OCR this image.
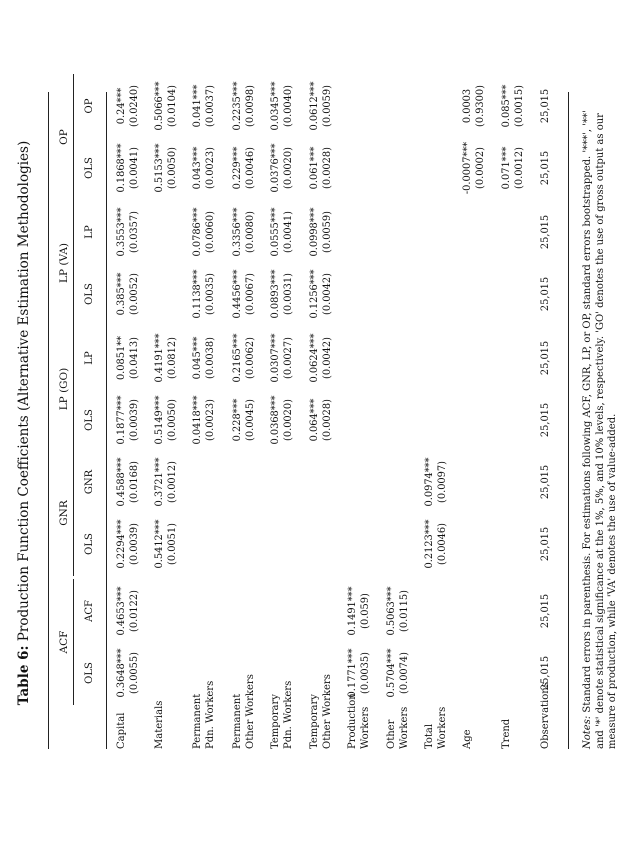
Table 6: Production Function Coefficients (Alternative Estimation Methodologies)
ACF
GNR
LP (GO)
LP (VA)
OP
OLS
ACF
OLS
GNR
OLS
LP
OLS
LP
OLS
OP
Capital
0.3648*** (0.0055)
0.4653*** (0.0122)
0.2294*** (0.0039)
0.4588*** (0.0168)
0.1877*** (0.0039)
0.0851** (0.0413)
0.385*** (0.0052)
0.3553*** (0.0357)
0.1868*** (0.0041)
0.24*** (0.0240)
Materials
0.5412*** (0.0051)
0.3721*** (0.0012)
0.5149*** (0.0050)
0.4191*** (0.0812)
0.5153*** (0.0050)
0.5066*** (0.0104)
Permanent Pdn. Workers
0.0418*** (0.0023)
0.045*** (0.0038)
0.1138*** (0.0035)
0.0786*** (0.0060)
0.043*** (0.0023)
0.041*** (0.0037)
Permanent Other Workers
0.228*** (0.0045)
0.2165*** (0.0062)
0.4456*** (0.0067)
0.3356*** (0.0080)
0.229*** (0.0046)
0.2235*** (0.0098)
Temporary Pdn. Workers
0.0368*** (0.0020)
0.0307*** (0.0027)
0.0893*** (0.0031)
0.0555*** (0.0041)
0.0376*** (0.0020)
0.0345*** (0.0040)
Temporary Other Workers
0.064*** (0.0028)
0.0624*** (0.0042)
0.1256*** (0.0042)
0.0998*** (0.0059)
0.061*** (0.0028)
0.0612*** (0.0059)
Production Workers
0.1771*** (0.0035)
0.1491*** (0.059)
Other Workers
0.5704*** (0.0074)
0.5063*** (0.0115)
Total Workers
0.2123*** (0.0046)
0.0974*** (0.0097)
Age
-0.0007*** (0.0002)
0.0003 (0.9300)
Trend
0.071*** (0.0012)
0.085*** (0.0015)
Observations
25,015
25,015
25,015
25,015
25,015
25,015
25,015
25,015
25,015
25,015
Notes: Standard errors in parenthesis. For estimations following ACF, GNR, LP, or OP, standard errors bootstrapped. '***', '**' and '*' denote statistical significance at the 1%, 5%, and 10% levels, respectively. 'GO' denotes the use of gross output as our measure of production, while 'VA' denotes the use of value-added.
